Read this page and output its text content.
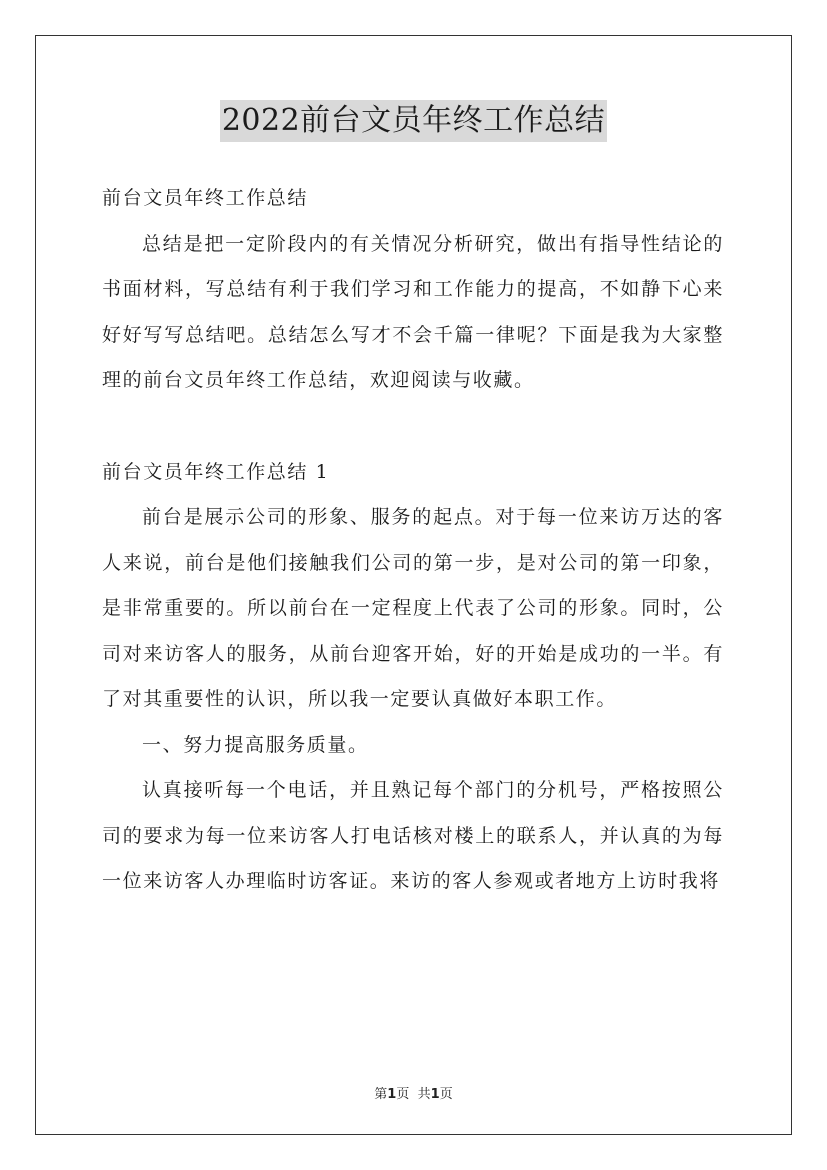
2022前台文员年终工作总结

前台文员年终工作总结

总结是把一定阶段内的有关情况分析研究，做出有指导性结论的书面材料，写总结有利于我们学习和工作能力的提高，不如静下心来好好写写总结吧。总结怎么写才不会千篇一律呢？下面是我为大家整理的前台文员年终工作总结，欢迎阅读与收藏。

前台文员年终工作总结 1

前台是展示公司的形象、服务的起点。对于每一位来访万达的客人来说，前台是他们接触我们公司的第一步，是对公司的第一印象，是非常重要的。所以前台在一定程度上代表了公司的形象。同时，公司对来访客人的服务，从前台迎客开始，好的开始是成功的一半。有了对其重要性的认识，所以我一定要认真做好本职工作。

一、努力提高服务质量。

认真接听每一个电话，并且熟记每个部门的分机号，严格按照公司的要求为每一位来访客人打电话核对楼上的联系人，并认真的为每一位来访客人办理临时访客证。来访的客人参观或者地方上访时我将

第1页 共1页
